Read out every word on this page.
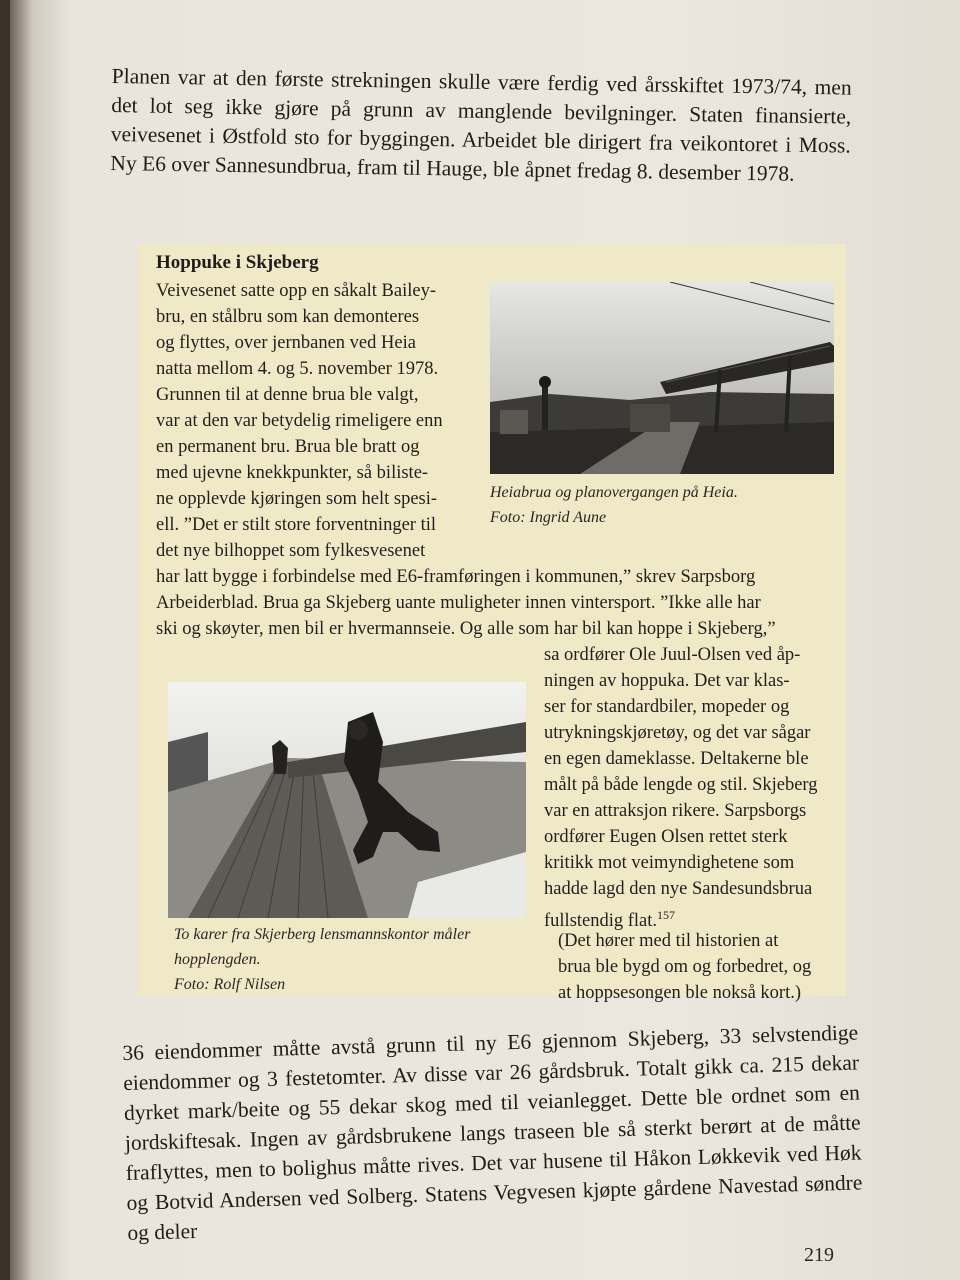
Planen var at den første strekningen skulle være ferdig ved årsskiftet 1973/74, men det lot seg ikke gjøre på grunn av manglende bevilgninger. Staten finansierte, veivesenet i Østfold sto for byggingen. Arbeidet ble dirigert fra veikontoret i Moss. Ny E6 over Sannesundbrua, fram til Hauge, ble åpnet fredag 8. desember 1978.

Hoppuke i Skjeberg
Veivesenet satte opp en såkalt Bailey-
bru, en stålbru som kan demonteres
og flyttes, over jernbanen ved Heia
natta mellom 4. og 5. november 1978.
Grunnen til at denne brua ble valgt,
var at den var betydelig rimeligere enn
en permanent bru. Brua ble bratt og
med ujevne knekkpunkter, så biliste-
ne opplevde kjøringen som helt spesi-
ell. ”Det er stilt store forventninger til
det nye bilhoppet som fylkesvesenet
Heiabrua og planovergangen på Heia.
Foto: Ingrid Aune
har latt bygge i forbindelse med E6-framføringen i kommunen,” skrev Sarpsborg
Arbeiderblad. Brua ga Skjeberg uante muligheter innen vintersport. ”Ikke alle har
ski og skøyter, men bil er hvermannseie. Og alle som har bil kan hoppe i Skjeberg,”
To karer fra Skjerberg lensmannskontor måler
hopplengden.
Foto: Rolf Nilsen
sa ordfører Ole Juul-Olsen ved åp-
ningen av hoppuka. Det var klas-
ser for standardbiler, mopeder og
utrykningskjøretøy, og det var sågar
en egen dameklasse. Deltakerne ble
målt på både lengde og stil. Skjeberg
var en attraksjon rikere. Sarpsborgs
ordfører Eugen Olsen rettet sterk
kritikk mot veimyndighetene som
hadde lagd den nye Sandesundsbrua
fullstendig flat.$^{157}$
(Det hører med til historien at
brua ble bygd om og forbedret, og
at hoppsesongen ble nokså kort.)

36 eiendommer måtte avstå grunn til ny E6 gjennom Skjeberg, 33 selvstendige eiendommer og 3 festetomter. Av disse var 26 gårdsbruk. Totalt gikk ca. 215 dekar dyrket mark/beite og 55 dekar skog med til veianlegget. Dette ble ordnet som en jordskiftesak. Ingen av gårdsbrukene langs traseen ble så sterkt berørt at de måtte fraflyttes, men to bolighus måtte rives. Det var husene til Håkon Løkkevik ved Høk og Botvid Andersen ved Solberg. Statens Vegvesen kjøpte gårdene Navestad søndre og deler

219
